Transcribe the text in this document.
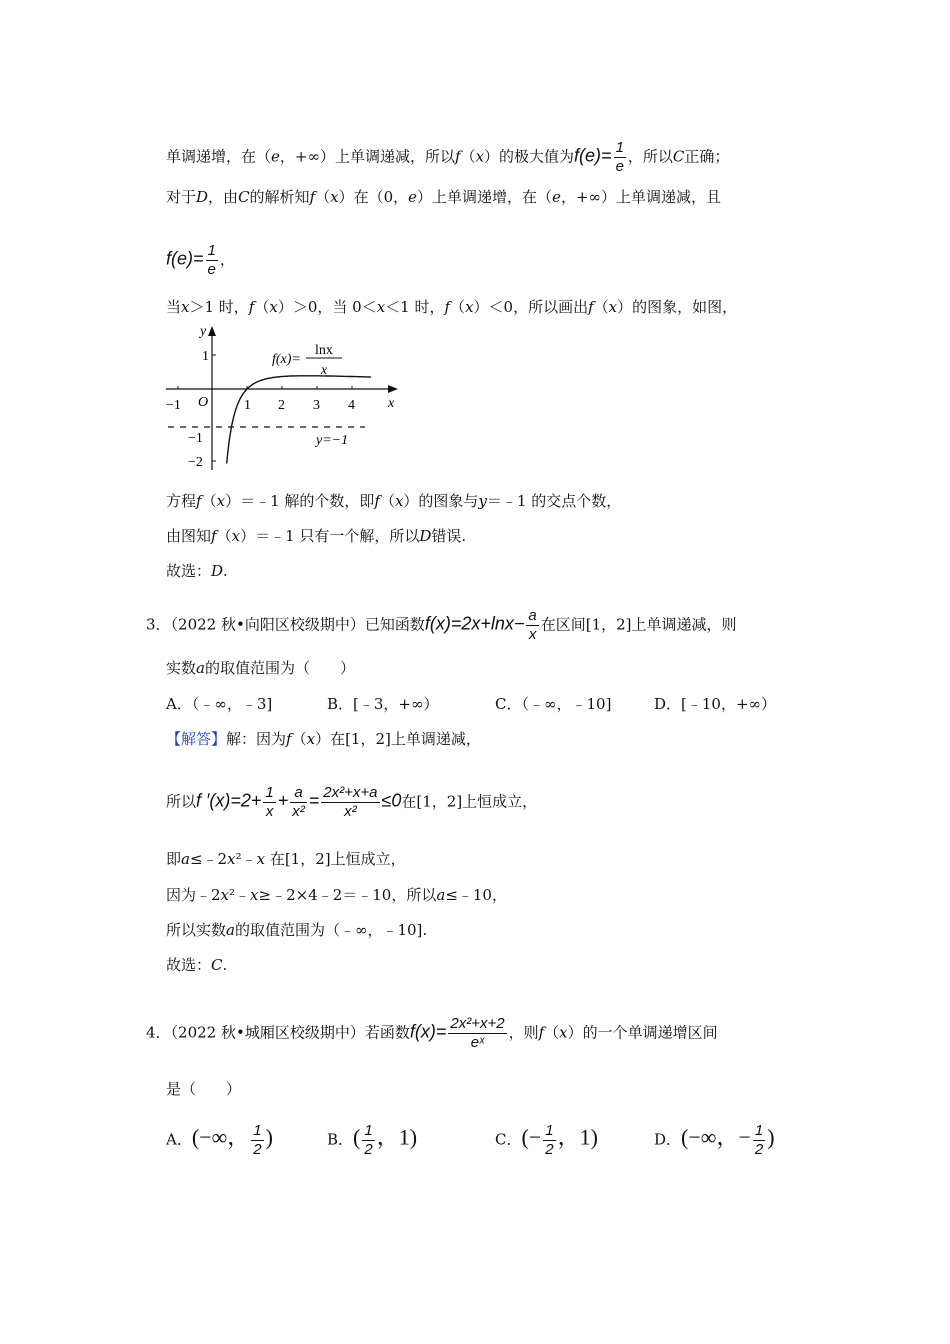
单调递增，在（e，+∞）上单调递减，所以f（x）的极大值为$f(e)= \frac{1}{e}$ ，所以C正确；
对于D，由C的解析知f（x）在（0，e）上单调递增，在（e，+∞）上单调递减，且
$f(e)= \frac{1}{e}$ ，
当x＞1 时，f（x）＞0，当 0＜x＜1 时，f（x）＜0，所以画出f（x）的图象，如图，
y
x
O
−1	1 2 3 4
1
−1
−2
f(x)=
lnx
x
y=−1
方程f（x）＝﹣1 解的个数，即f（x）的图象与y＝﹣1 的交点个数，
由图知f（x）＝﹣1 只有一个解，所以D错误.
故选：D.
3．（2022 秋•向阳区校级期中）已知函数$f(x)=2x+\ln x- \frac{a}{x}$ 在区间[1，2]上单调递减，则
实数a的取值范围为（　　）
A．（﹣∞，﹣3]	B．[﹣3，+∞）	C．（﹣∞，﹣10]	D．[﹣10，+∞）
【解答】解：因为f（x）在[1，2]上单调递减，
所以f $'(x)=2+ \frac{1}{x} + \frac{a}{\text{x²}} = \frac{\text{2x²+x+a}}{\text{x²}} \le 0$在[1，2]上恒成立，
即a≤﹣2x²﹣x 在[1，2]上恒成立，
因为﹣2x²﹣x≥﹣2×4﹣2＝﹣10，所以a≤﹣10，
所以实数a的取值范围为（﹣∞，﹣10].
故选：C.
4．（2022 秋•城厢区校级期中）若函数$f(x)= \frac{\text{2x²+x+2}}{\text{eˣ}}$ ，则f（x）的一个单调递增区间
是（　　）
A．(−∞， $\frac{1}{2}$ )	B．( $\frac{1}{2}$ ，1)	C．(− $\frac{1}{2}$ ，1)	D．(−∞，− $\frac{1}{2}$ )
